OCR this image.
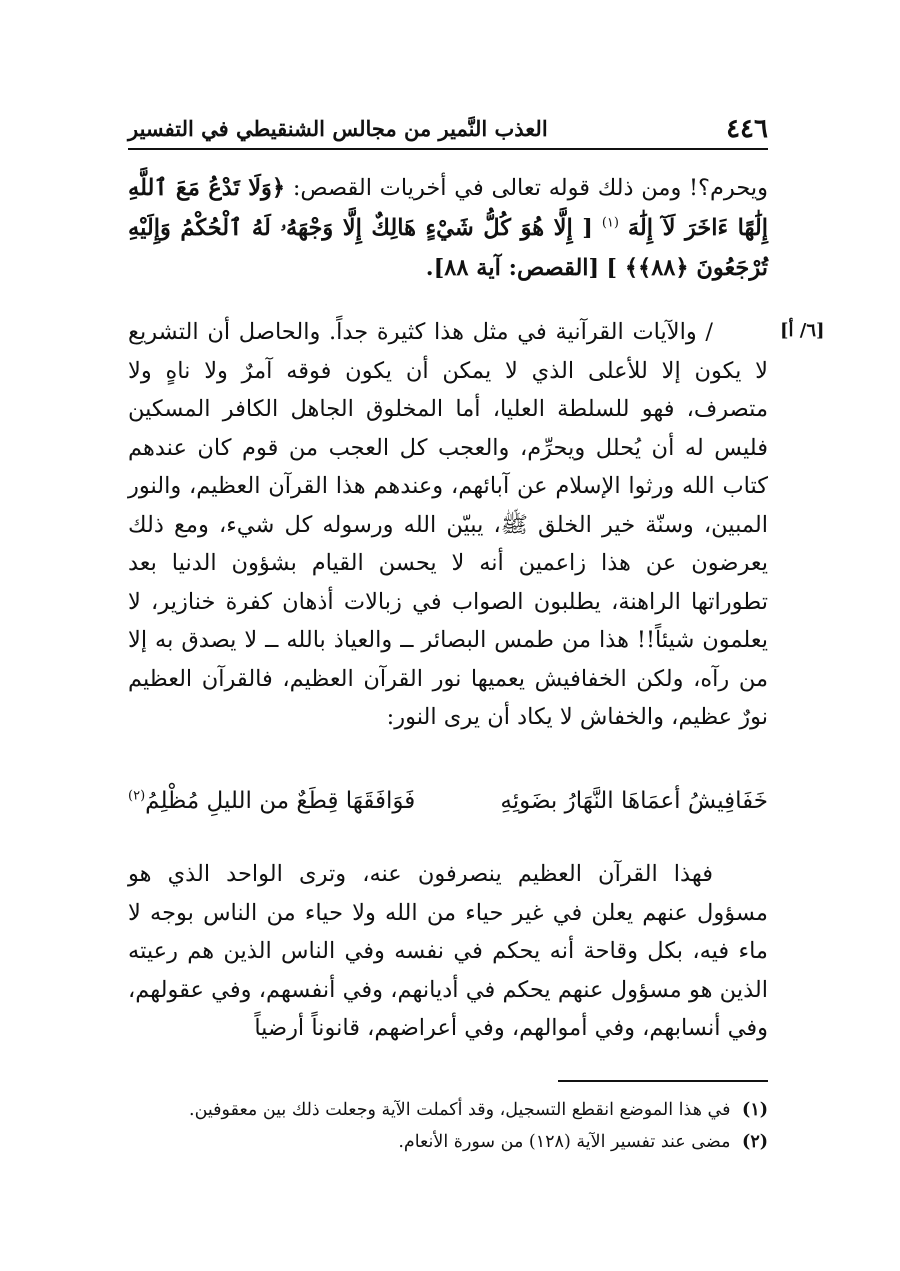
٤٤٦
العذب النَّمير من مجالس الشنقيطي في التفسير
ويحرم؟! ومن ذلك قوله تعالى في أخريات القصص: ﴿وَلَا تَدْعُ مَعَ ٱللَّهِ إِلَٰهًا ءَاخَرَ لَآ إِلَٰهَ $^{(١)}$ [ إِلَّا هُوَ كُلُّ شَيْءٍ هَالِكٌ إِلَّا وَجْهَهُۥ لَهُ ٱلْحُكْمُ وَإِلَيْهِ تُرْجَعُونَ ﴿٨٨﴾﴾ ] [القصص: آية ٨٨].
[٦/ أ]
/ والآيات القرآنية في مثل هذا كثيرة جداً. والحاصل أن التشريع لا يكون إلا للأعلى الذي لا يمكن أن يكون فوقه آمرٌ ولا ناهٍ ولا متصرف، فهو للسلطة العليا، أما المخلوق الجاهل الكافر المسكين فليس له أن يُحلل ويحرِّم، والعجب كل العجب من قوم كان عندهم كتاب الله ورثوا الإسلام عن آبائهم، وعندهم هذا القرآن العظيم، والنور المبين، وسنّة خير الخلق ﷺ، يبيّن الله ورسوله كل شيء، ومع ذلك يعرضون عن هذا زاعمين أنه لا يحسن القيام بشؤون الدنيا بعد تطوراتها الراهنة، يطلبون الصواب في زبالات أذهان كفرة خنازير، لا يعلمون شيئاً!! هذا من طمس البصائر ــ والعياذ بالله ــ لا يصدق به إلا من رآه، ولكن الخفافيش يعميها نور القرآن العظيم، فالقرآن العظيم نورٌ عظيم، والخفاش لا يكاد أن يرى النور:
خَفَافِيشُ أعمَاهَا النَّهَارُ بضَوئِهِ
فَوَافَقَهَا قِطَعٌ من الليلِ مُظْلِمُ$^{(٢)}$
فهذا القرآن العظيم ينصرفون عنه، وترى الواحد الذي هو مسؤول عنهم يعلن في غير حياء من الله ولا حياء من الناس بوجه لا ماء فيه، بكل وقاحة أنه يحكم في نفسه وفي الناس الذين هم رعيته الذين هو مسؤول عنهم يحكم في أديانهم، وفي أنفسهم، وفي عقولهم، وفي أنسابهم، وفي أموالهم، وفي أعراضهم، قانوناً أرضياً
(١) في هذا الموضع انقطع التسجيل، وقد أكملت الآية وجعلت ذلك بين معقوفين.
(٢) مضى عند تفسير الآية (١٢٨) من سورة الأنعام.
